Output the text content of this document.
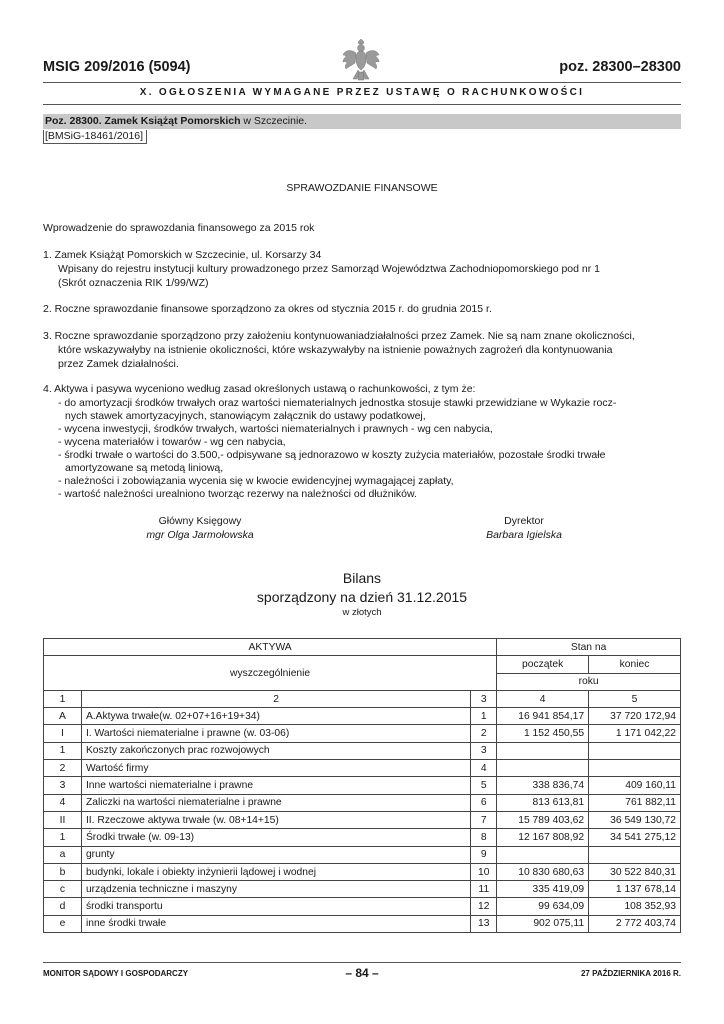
MSIG 209/2016 (5094)	poz. 28300–28300
X. OGŁOSZENIA WYMAGANE PRZEZ USTAWĘ O RACHUNKOWOŚCI
Poz. 28300. Zamek Książąt Pomorskich w Szczecinie.
[BMSiG-18461/2016]
SPRAWOZDANIE FINANSOWE
Wprowadzenie do sprawozdania finansowego za 2015 rok
1. Zamek Książąt Pomorskich w Szczecinie, ul. Korsarzy 34
Wpisany do rejestru instytucji kultury prowadzonego przez Samorząd Województwa Zachodniopomorskiego pod nr 1
(Skrót oznaczenia RIK 1/99/WZ)
2. Roczne sprawozdanie finansowe sporządzono za okres od stycznia 2015 r. do grudnia 2015 r.
3. Roczne sprawozdanie sporządzono przy założeniu kontynuowaniadziałalności przez Zamek. Nie są nam znane okoliczności,
które wskazywałyby na istnienie okoliczności, które wskazywałyby na istnienie poważnych zagrożeń dla kontynuowania
przez Zamek działalności.
4. Aktywa i pasywa wyceniono według zasad określonych ustawą o rachunkowości, z tym że:
- do amortyzacji środków trwałych oraz wartości niematerialnych jednostka stosuje stawki przewidziane w Wykazie rocz-
nych stawek amortyzacyjnych, stanowiącym załącznik do ustawy podatkowej,
- wycena inwestycji, środków trwałych, wartości niematerialnych i prawnych - wg cen nabycia,
- wycena materiałów i towarów - wg cen nabycia,
- środki trwałe o wartości do 3.500,- odpisywane są jednorazowo w koszty zużycia materiałów, pozostałe środki trwałe
amortyzowane są metodą liniową,
- należności i zobowiązania wycenia się w kwocie ewidencyjnej wymagającej zapłaty,
- wartość należności urealniono tworząc rezerwy na należności od dłużników.
Główny Księgowy
mgr Olga Jarmołowska
Dyrektor
Barbara Igielska
Bilans
sporządzony na dzień 31.12.2015
w złotych
AKTYWA			Stan na	
wyszczególnienie			początek	koniec
			roku	
1	2	3	4	5
A	A.Aktywa trwałe(w. 02+07+16+19+34)	1	16 941 854,17	37 720 172,94
I	I. Wartości niematerialne i prawne (w. 03-06)	2	1 152 450,55	1 171 042,22
1	Koszty zakończonych prac rozwojowych	3		
2	Wartość firmy	4		
3	Inne wartości niematerialne i prawne	5	338 836,74	409 160,11
4	Zaliczki na wartości niematerialne i prawne	6	813 613,81	761 882,11
II	II. Rzeczowe aktywa trwałe (w. 08+14+15)	7	15 789 403,62	36 549 130,72
1	Środki trwałe (w. 09-13)	8	12 167 808,92	34 541 275,12
a	grunty	9		
b	budynki, lokale i obiekty inżynierii lądowej i wodnej	10	10 830 680,63	30 522 840,31
c	urządzenia techniczne i maszyny	11	335 419,09	1 137 678,14
d	środki transportu	12	99 634,09	108 352,93
e	inne środki trwałe	13	902 075,11	2 772 403,74
MONITOR SĄDOWY I GOSPODARCZY	– 84 –	27 PAŹDZIERNIKA 2016 R.
